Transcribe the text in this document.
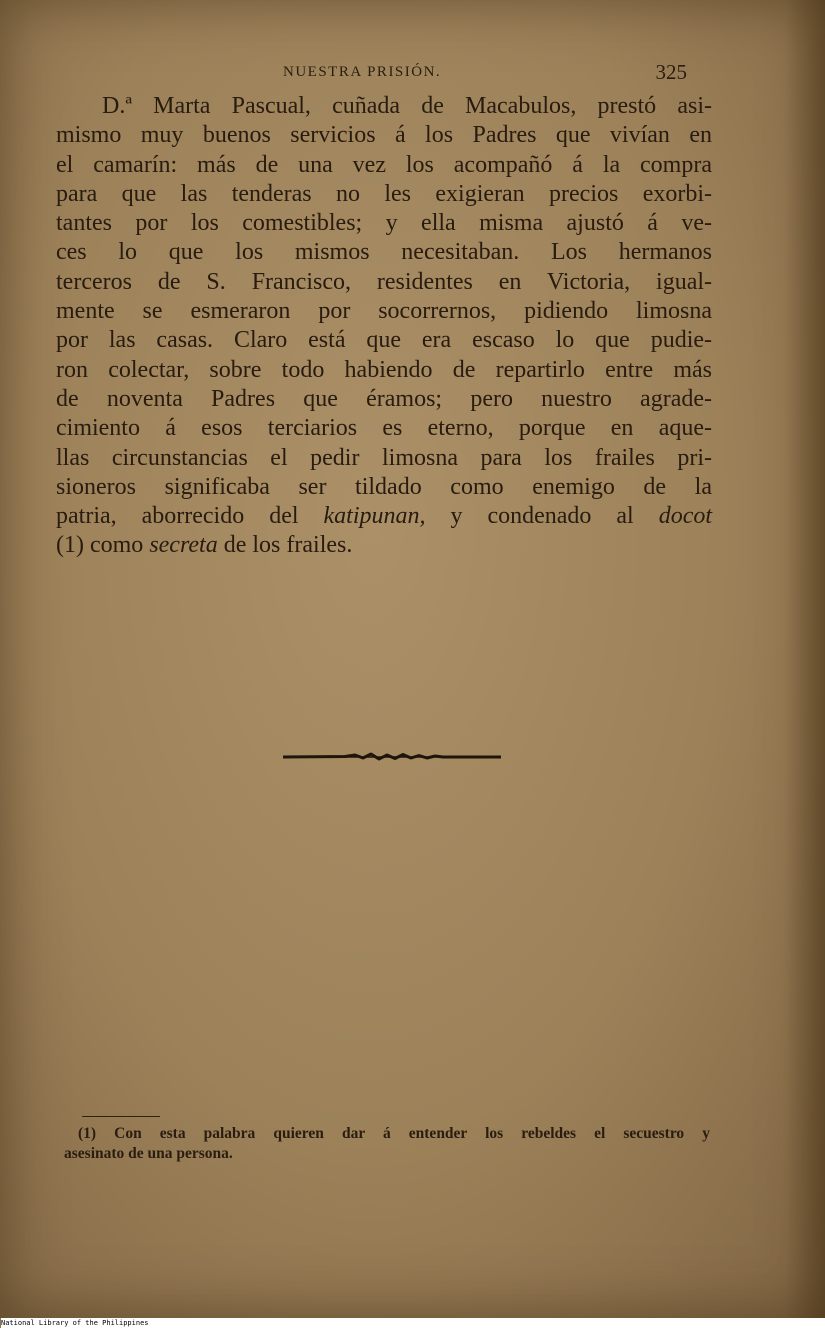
NUESTRA PRISIÓN.	325
D.ª Marta Pascual, cuñada de Macabulos, prestó asi-
mismo muy buenos servicios á los Padres que vivían en
el camarín: más de una vez los acompañó á la compra
para que las tenderas no les exigieran precios exorbi-
tantes por los comestibles; y ella misma ajustó á ve-
ces lo que los mismos necesitaban. Los hermanos
terceros de S. Francisco, residentes en Victoria, igual-
mente se esmeraron por socorrernos, pidiendo limosna
por las casas. Claro está que era escaso lo que pudie-
ron colectar, sobre todo habiendo de repartirlo entre más
de noventa Padres que éramos; pero nuestro agrade-
cimiento á esos terciarios es eterno, porque en aque-
llas circunstancias el pedir limosna para los frailes pri-
sioneros significaba ser tildado como enemigo de la
patria, aborrecido del katipunan, y condenado al docot
(1) como secreta de los frailes.
(1) Con esta palabra quieren dar á entender los rebeldes el secuestro y
asesinato de una persona.
National Library of the Philippines
